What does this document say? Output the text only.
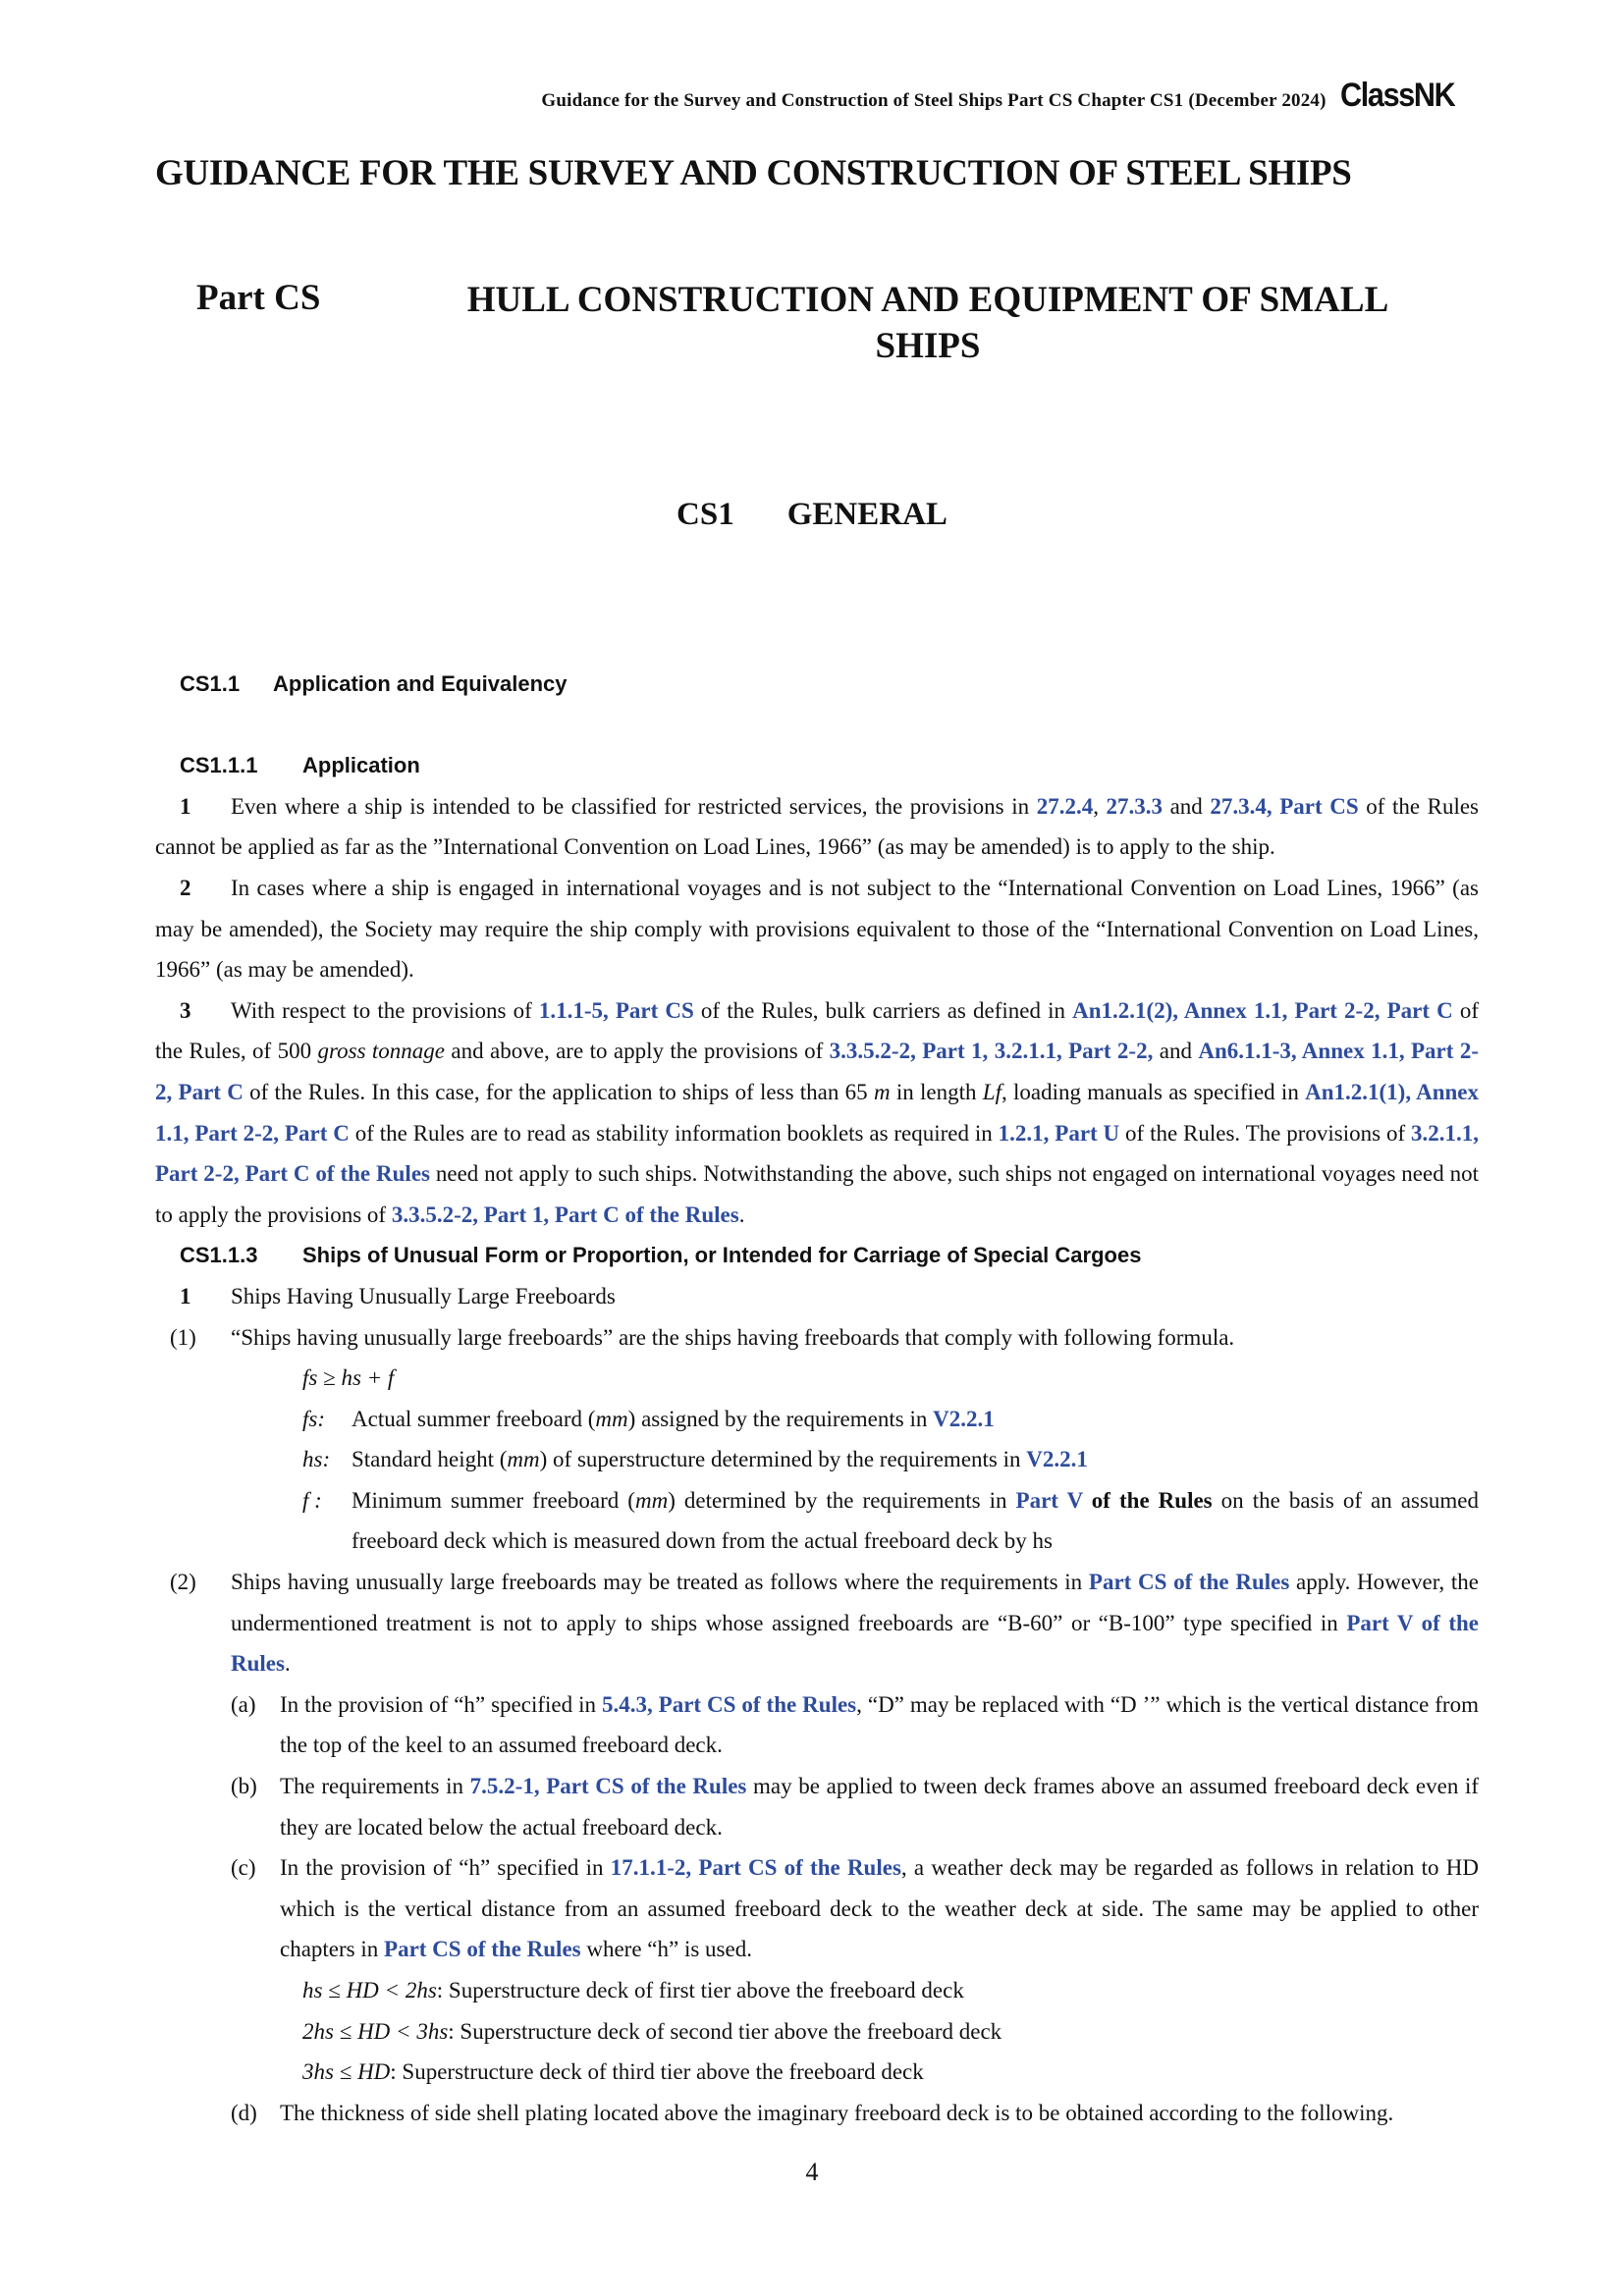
Guidance for the Survey and Construction of Steel Ships Part CS Chapter CS1 (December 2024) ClassNK
GUIDANCE FOR THE SURVEY AND CONSTRUCTION OF STEEL SHIPS
Part CS	HULL CONSTRUCTION AND EQUIPMENT OF SMALL
SHIPS
CS1 GENERAL

CS1.1 Application and Equivalency

CS1.1.1 Application

1 Even where a ship is intended to be classified for restricted services, the provisions in 27.2.4, 27.3.3 and 27.3.4, Part CS of the Rules cannot be applied as far as the ”International Convention on Load Lines, 1966” (as may be amended) is to apply to the ship.

2 In cases where a ship is engaged in international voyages and is not subject to the “International Convention on Load Lines, 1966” (as may be amended), the Society may require the ship comply with provisions equivalent to those of the “International Convention on Load Lines, 1966” (as may be amended).

3 With respect to the provisions of 1.1.1-5, Part CS of the Rules, bulk carriers as defined in An1.2.1(2), Annex 1.1, Part 2-2, Part C of the Rules, of 500 gross tonnage and above, are to apply the provisions of 3.3.5.2-2, Part 1, 3.2.1.1, Part 2-2, and An6.1.1-3, Annex 1.1, Part 2-2, Part C of the Rules. In this case, for the application to ships of less than 65 m in length Lf, loading manuals as specified in An1.2.1(1), Annex 1.1, Part 2-2, Part C of the Rules are to read as stability information booklets as required in 1.2.1, Part U of the Rules. The provisions of 3.2.1.1, Part 2-2, Part C of the Rules need not apply to such ships. Notwithstanding the above, such ships not engaged on international voyages need not to apply the provisions of 3.3.5.2-2, Part 1, Part C of the Rules.

CS1.1.3 Ships of Unusual Form or Proportion, or Intended for Carriage of Special Cargoes

1 Ships Having Unusually Large Freeboards

(1) “Ships having unusually large freeboards” are the ships having freeboards that comply with following formula.

fs ≥ hs + f

fs: Actual summer freeboard (mm) assigned by the requirements in V2.2.1

hs: Standard height (mm) of superstructure determined by the requirements in V2.2.1

f : Minimum summer freeboard (mm) determined by the requirements in Part V of the Rules on the basis of an assumed freeboard deck which is measured down from the actual freeboard deck by hs

(2) Ships having unusually large freeboards may be treated as follows where the requirements in Part CS of the Rules apply. However, the undermentioned treatment is not to apply to ships whose assigned freeboards are “B-60” or “B-100” type specified in Part V of the Rules.

(a) In the provision of “h” specified in 5.4.3, Part CS of the Rules, “D” may be replaced with “D ’” which is the vertical distance from the top of the keel to an assumed freeboard deck.

(b) The requirements in 7.5.2-1, Part CS of the Rules may be applied to tween deck frames above an assumed freeboard deck even if they are located below the actual freeboard deck.

(c) In the provision of “h” specified in 17.1.1-2, Part CS of the Rules, a weather deck may be regarded as follows in relation to HD which is the vertical distance from an assumed freeboard deck to the weather deck at side. The same may be applied to other chapters in Part CS of the Rules where “h” is used.

hs ≤ HD < 2hs: Superstructure deck of first tier above the freeboard deck

2hs ≤ HD < 3hs: Superstructure deck of second tier above the freeboard deck

3hs ≤ HD: Superstructure deck of third tier above the freeboard deck

(d) The thickness of side shell plating located above the imaginary freeboard deck is to be obtained according to the following.

4
